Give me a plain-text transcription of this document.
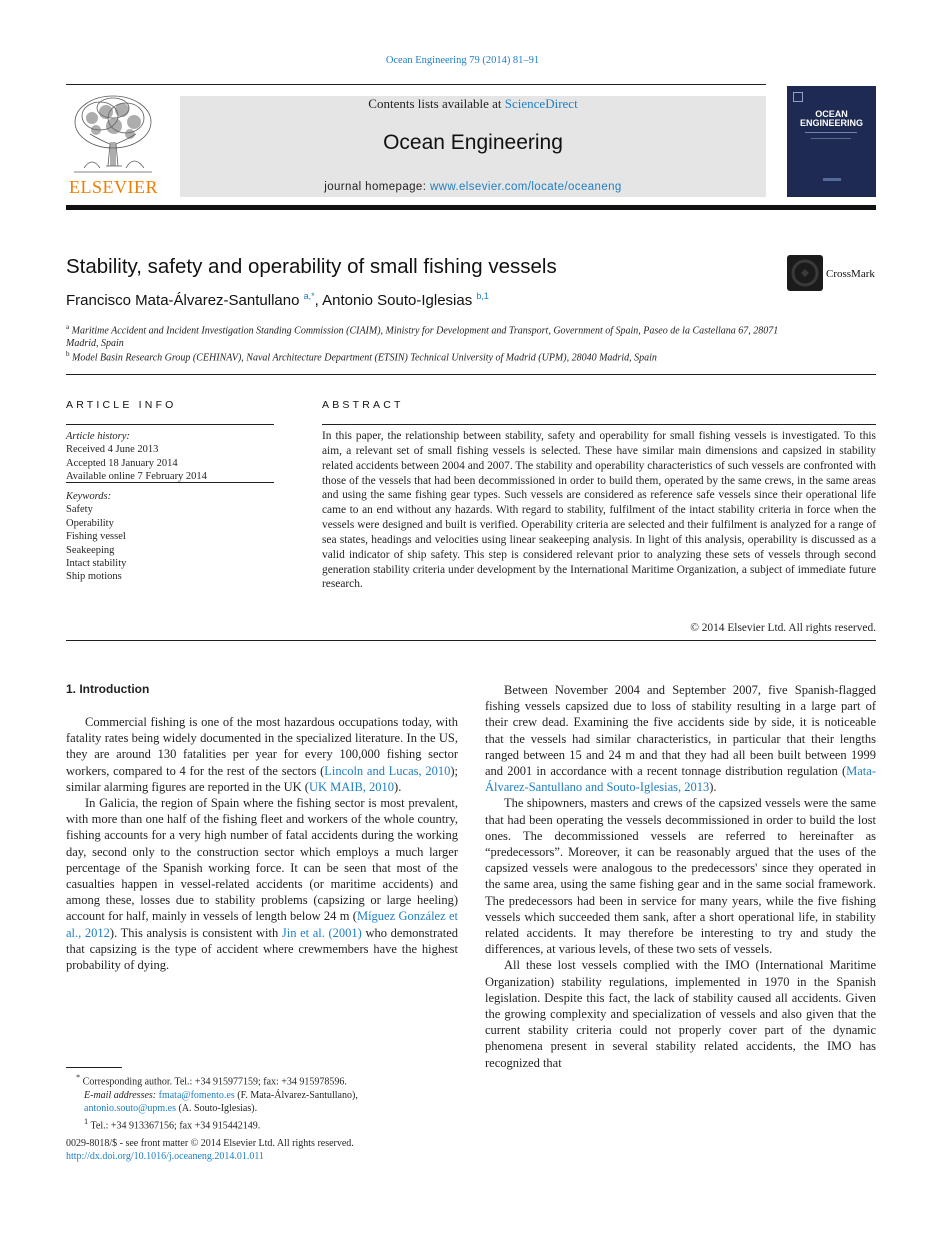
Ocean Engineering 79 (2014) 81–91
ELSEVIER
Contents lists available at ScienceDirect
Ocean Engineering
journal homepage: www.elsevier.com/locate/oceaneng
OCEAN ENGINEERING
Stability, safety and operability of small fishing vessels	CrossMark
Francisco Mata-Álvarez-Santullano $^{a,*}$, Antonio Souto-Iglesias $^{b,1}$
$^a$ Maritime Accident and Incident Investigation Standing Commission (CIAIM), Ministry for Development and Transport, Government of Spain, Paseo de la Castellana 67, 28071 Madrid, Spain
$^b$ Model Basin Research Group (CEHINAV), Naval Architecture Department (ETSIN) Technical University of Madrid (UPM), 28040 Madrid, Spain
ARTICLE INFO	ABSTRACT
Article history:
Received 4 June 2013
Accepted 18 January 2014
Available online 7 February 2014
Keywords:
Safety
Operability
Fishing vessel
Seakeeping
Intact stability
Ship motions
In this paper, the relationship between stability, safety and operability for small fishing vessels is investigated. To this aim, a relevant set of small fishing vessels is selected. These have similar main dimensions and capsized in stability related accidents between 2004 and 2007. The stability and operability characteristics of such vessels are confronted with those of the vessels that had been decommissioned in order to build them, operated by the same crews, in the same areas and using the same fishing gear types. Such vessels are considered as reference safe vessels since their operational life came to an end without any hazards. With regard to stability, fulfilment of the intact stability criteria in force when the vessels were designed and built is verified. Operability criteria are selected and their fulfilment is analyzed for a range of sea states, headings and velocities using linear seakeeping analysis. In light of this analysis, operability is discussed as a valid indicator of ship safety. This step is considered relevant prior to analyzing these sets of vessels through second generation stability criteria under development by the International Maritime Organization, a subject of immediate future research.
© 2014 Elsevier Ltd. All rights reserved.
1. Introduction

Commercial fishing is one of the most hazardous occupations today, with fatality rates being widely documented in the specialized literature. In the US, they are around 130 fatalities per year for every 100,000 fishing sector workers, compared to 4 for the rest of the sectors (Lincoln and Lucas, 2010); similar alarming figures are reported in the UK (UK MAIB, 2010).

In Galicia, the region of Spain where the fishing sector is most prevalent, with more than one half of the fishing fleet and workers of the whole country, fishing accounts for a very high number of fatal accidents during the working day, second only to the construction sector which employs a much larger percentage of the Spanish working force. It can be seen that most of the casualties happen in vessel-related accidents (or maritime accidents) and among these, losses due to stability problems (capsizing or large heeling) account for half, mainly in vessels of length below 24 m (Míguez González et al., 2012). This analysis is consistent with Jin et al. (2001) who demonstrated that capsizing is the type of accident where crewmembers have the highest probability of dying.

Between November 2004 and September 2007, five Spanish-flagged fishing vessels capsized due to loss of stability resulting in a large part of their crew dead. Examining the five accidents side by side, it is noticeable that the vessels had similar characteristics, in particular that their lengths ranged between 15 and 24 m and that they had all been built between 1999 and 2001 in accordance with a recent tonnage distribution regulation (Mata-Álvarez-Santullano and Souto-Iglesias, 2013).

The shipowners, masters and crews of the capsized vessels were the same that had been operating the vessels decommissioned in order to build the lost ones. The decommissioned vessels are referred to hereinafter as “predecessors”. Moreover, it can be reasonably argued that the uses of the capsized vessels were analogous to the predecessors' since they operated in the same area, using the same fishing gear and in the same social framework. The predecessors had been in service for many years, while the five fishing vessels which succeeded them sank, after a short operational life, in stability related accidents. It may therefore be interesting to try and study the differences, at various levels, of these two sets of vessels.

All these lost vessels complied with the IMO (International Maritime Organization) stability regulations, implemented in 1970 in the Spanish legislation. Despite this fact, the lack of stability caused all accidents. Given the growing complexity and specialization of vessels and also given that the current stability criteria could not properly cover part of the dynamic phenomena present in several stability related accidents, the IMO has recognized that

* Corresponding author. Tel.: +34 915977159; fax: +34 915978596.
E-mail addresses: fmata@fomento.es (F. Mata-Álvarez-Santullano),
antonio.souto@upm.es (A. Souto-Iglesias).
$^1$ Tel.: +34 913367156; fax +34 915442149.
0029-8018/$ - see front matter © 2014 Elsevier Ltd. All rights reserved.
http://dx.doi.org/10.1016/j.oceaneng.2014.01.011
